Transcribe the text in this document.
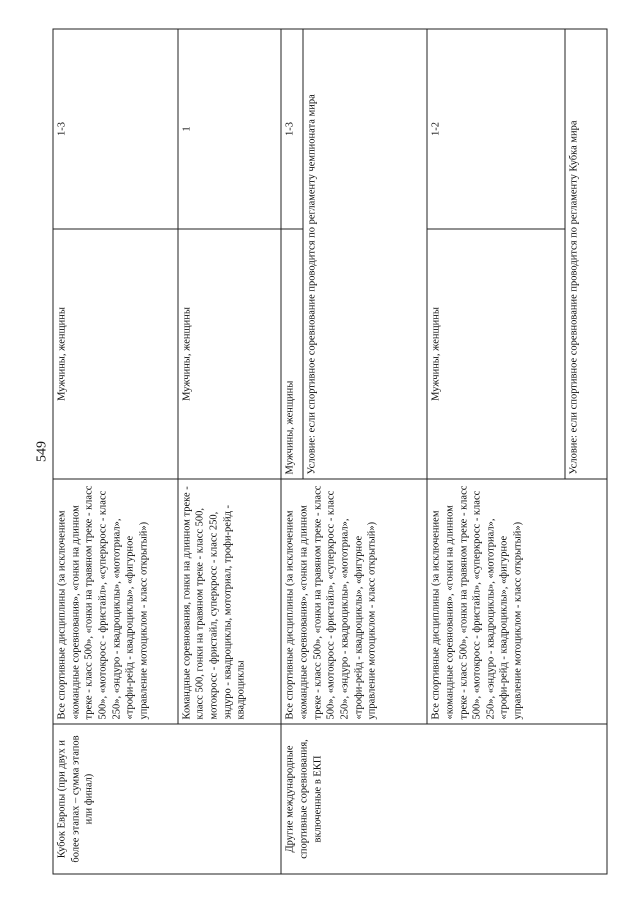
549
Кубок Европы (при двух и более этапах – сумма этапов или финал)	Все спортивные дисциплины (за исключением «командные соревнования», «гонки на длинном треке - класс 500», «гонки на травяном треке - класс 500», «мотокросс - фристайл», «суперкросс - класс 250», «эндуро - квадроциклы», «мототриал», «трофи-рейд - квадроциклы», «фигурное управление мотоциклом - класс открытый»)	Мужчины, женщины	1-3
	Командные соревнования, гонки на длинном треке - класс 500, гонки на травяном треке - класс 500, мотокросс - фристайл, суперкросс - класс 250, эндуро - квадроциклы, мототриал, трофи-рейд - квадроциклы	Мужчины, женщины	1
Другие международные спортивные соревнования, включенные в ЕКП	Все спортивные дисциплины (за исключением «командные соревнования», «гонки на длинном треке - класс 500», «гонки на травяном треке - класс 500», «мотокросс - фристайл», «суперкросс - класс 250», «эндуро - квадроциклы», «мототриал», «трофи-рейд - квадроциклы», «фигурное управление мотоциклом - класс открытый»)	Мужчины, женщины	1-3
		Условие: если спортивное соревнование проводится по регламенту чемпионата мира	
	Все спортивные дисциплины (за исключением «командные соревнования», «гонки на длинном треке - класс 500», «гонки на травяном треке - класс 500», «мотокросс - фристайл», «суперкросс - класс 250», «эндуро - квадроциклы», «мототриал», «трофи-рейд - квадроциклы», «фигурное управление мотоциклом - класс открытый»)	Мужчины, женщины	1-2
		Условие: если спортивное соревнование проводится по регламенту Кубка мира	
